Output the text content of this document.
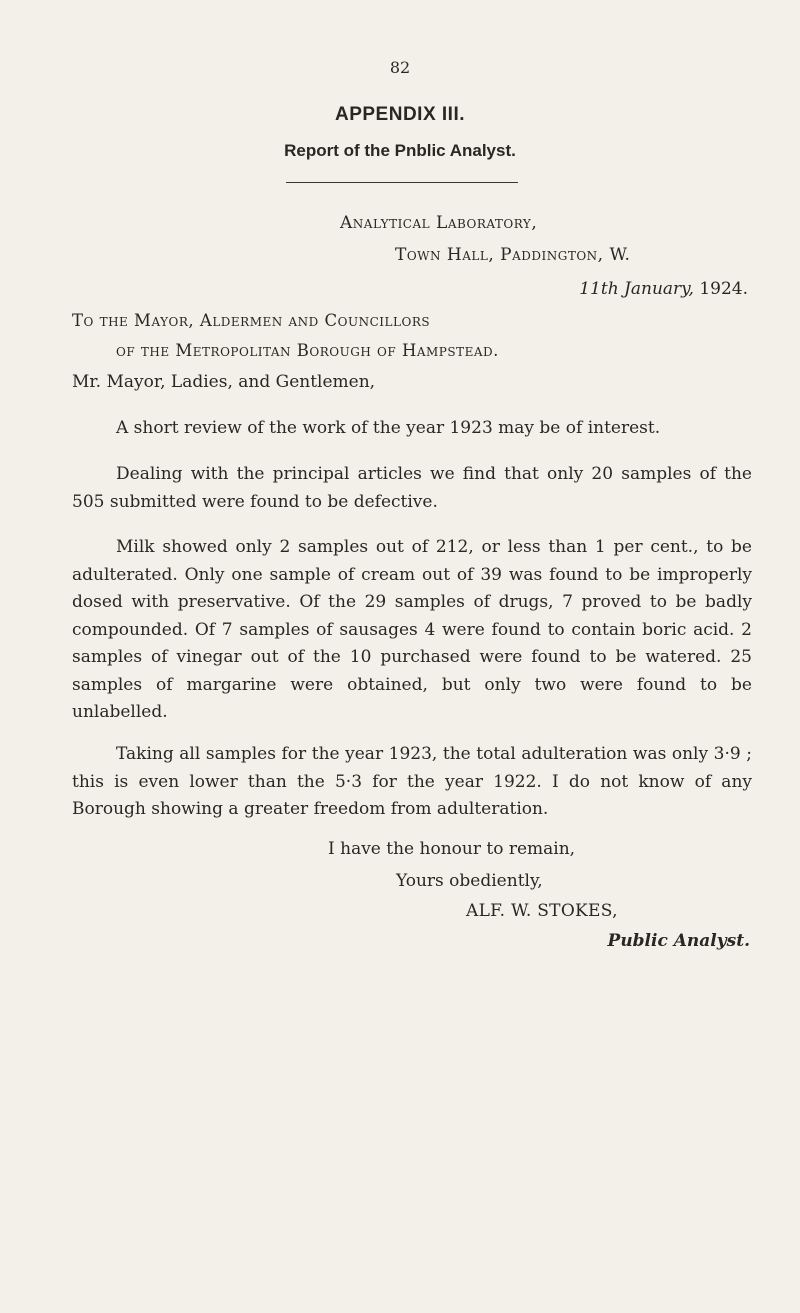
82
APPENDIX III.
Report of the Pnblic Analyst.
Analytical Laboratory,
Town Hall, Paddington, W.
11th January, 1924.
To the Mayor, Aldermen and Councillors
of the Metropolitan Borough of Hampstead.
Mr. Mayor, Ladies, and Gentlemen,
A short review of the work of the year 1923 may be of interest.
Dealing with the principal articles we find that only 20 samples of the 505 submitted were found to be defective.
Milk showed only 2 samples out of 212, or less than 1 per cent., to be adulterated. Only one sample of cream out of 39 was found to be improperly dosed with preservative. Of the 29 samples of drugs, 7 proved to be badly compounded. Of 7 samples of sausages 4 were found to contain boric acid. 2 samples of vinegar out of the 10 purchased were found to be watered. 25 samples of margarine were obtained, but only two were found to be unlabelled.
Taking all samples for the year 1923, the total adulteration was only 3·9 ; this is even lower than the 5·3 for the year 1922. I do not know of any Borough showing a greater freedom from adulteration.
I have the honour to remain,
Yours obediently,
ALF. W. STOKES,
Public Analyst.
